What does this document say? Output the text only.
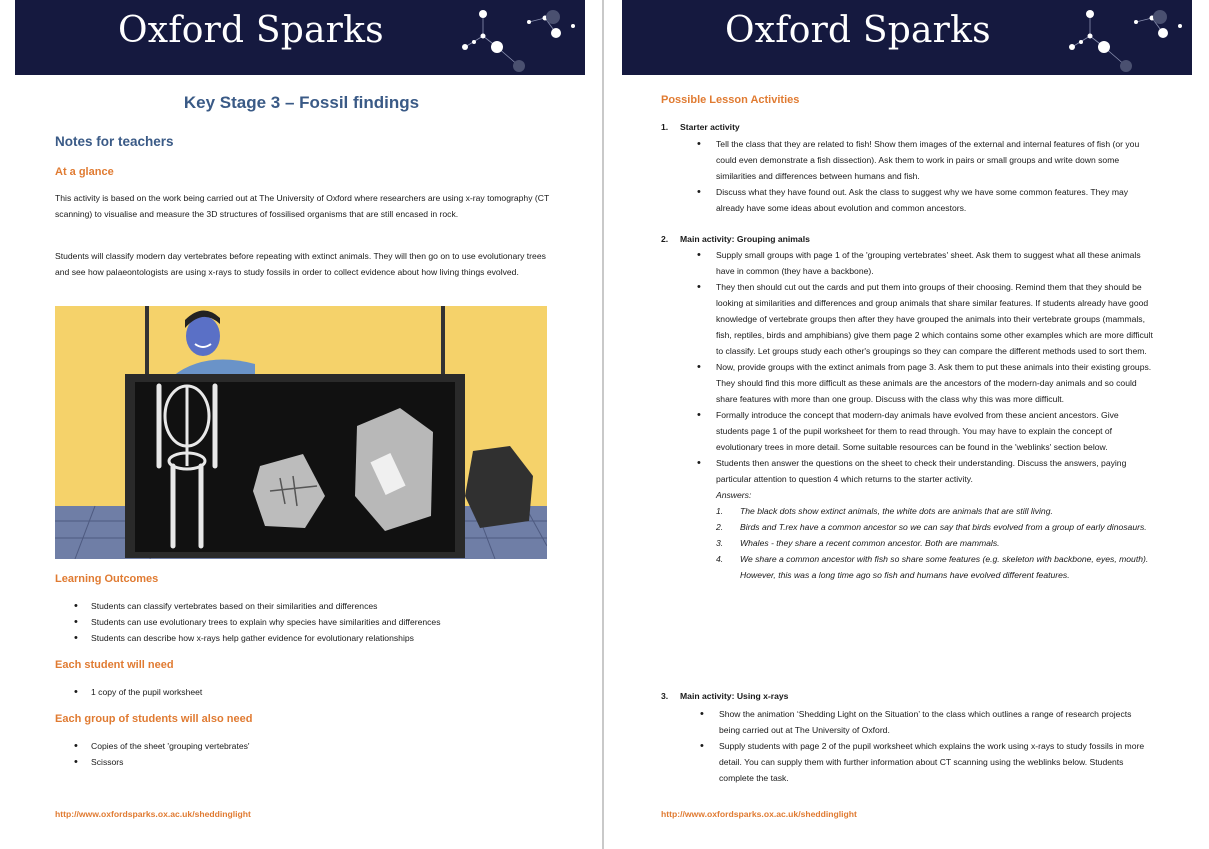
Oxford Sparks
Key Stage 3 – Fossil findings
Notes for teachers
At a glance
This activity is based on the work being carried out at The University of Oxford where researchers are using x-ray tomography (CT scanning) to visualise and measure the 3D structures of fossilised organisms that are still encased in rock.
Students will classify modern day vertebrates before repeating with extinct animals. They will then go on to use evolutionary trees and see how palaeontologists are using x-rays to study fossils in order to collect evidence about how living things evolved.
Learning Outcomes
• Students can classify vertebrates based on their similarities and differences
• Students can use evolutionary trees to explain why species have similarities and differences
• Students can describe how x-rays help gather evidence for evolutionary relationships
Each student will need
• 1 copy of the pupil worksheet
Each group of students will also need
• Copies of the sheet 'grouping vertebrates'
• Scissors
http://www.oxfordsparks.ox.ac.uk/sheddinglight
Oxford Sparks
Possible Lesson Activities
1. Starter activity
• Tell the class that they are related to fish! Show them images of the external and internal features of fish (or you could even demonstrate a fish dissection). Ask them to work in pairs or small groups and write down some similarities and differences between humans and fish.
• Discuss what they have found out. Ask the class to suggest why we have some common features. They may already have some ideas about evolution and common ancestors.
2. Main activity: Grouping animals
• Supply small groups with page 1 of the 'grouping vertebrates' sheet. Ask them to suggest what all these animals have in common (they have a backbone).
• They then should cut out the cards and put them into groups of their choosing. Remind them that they should be looking at similarities and differences and group animals that share similar features. If students already have good knowledge of vertebrate groups then after they have grouped the animals into their vertebrate groups (mammals, fish, reptiles, birds and amphibians) give them page 2 which contains some other examples which are more difficult to classify. Let groups study each other's groupings so they can compare the different methods used to sort them.
• Now, provide groups with the extinct animals from page 3. Ask them to put these animals into their existing groups. They should find this more difficult as these animals are the ancestors of the modern-day animals and so could share features with more than one group. Discuss with the class why this was more difficult.
• Formally introduce the concept that modern-day animals have evolved from these ancient ancestors. Give students page 1 of the pupil worksheet for them to read through. You may have to explain the concept of evolutionary trees in more detail. Some suitable resources can be found in the 'weblinks' section below.
• Students then answer the questions on the sheet to check their understanding. Discuss the answers, paying particular attention to question 4 which returns to the starter activity.
Answers:
1. The black dots show extinct animals, the white dots are animals that are still living.
2. Birds and T.rex have a common ancestor so we can say that birds evolved from a group of early dinosaurs.
3. Whales - they share a recent common ancestor. Both are mammals.
4. We share a common ancestor with fish so share some features (e.g. skeleton with backbone, eyes, mouth). However, this was a long time ago so fish and humans have evolved different features.
3. Main activity: Using x-rays
• Show the animation ‘Shedding Light on the Situation’ to the class which outlines a range of research projects being carried out at The University of Oxford.
• Supply students with page 2 of the pupil worksheet which explains the work using x-rays to study fossils in more detail. You can supply them with further information about CT scanning using the weblinks below. Students complete the task.
http://www.oxfordsparks.ox.ac.uk/sheddinglight
